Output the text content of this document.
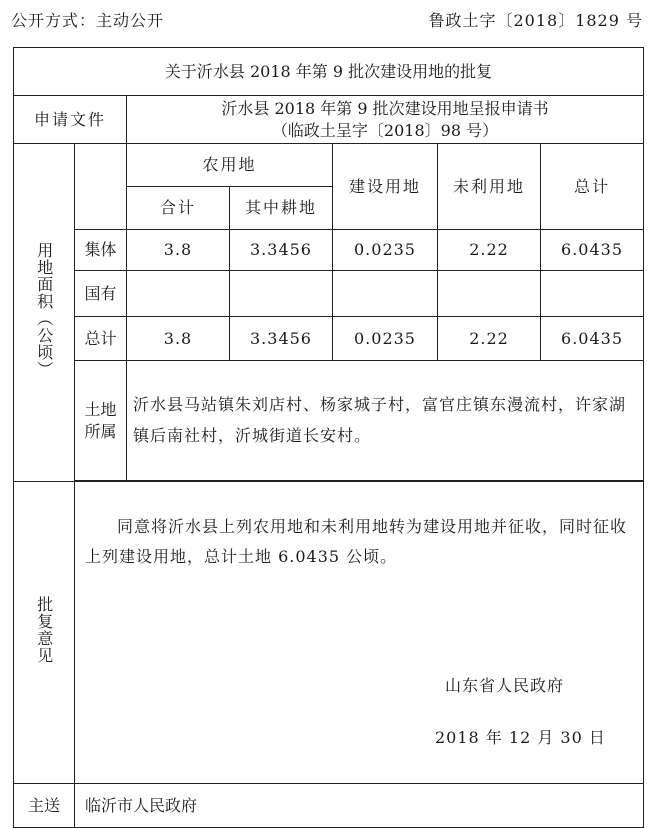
公开方式：主动公开	鲁政土字〔2018〕1829 号
关于沂水县 2018 年第 9 批次建设用地的批复						
申请文件		沂水县 2018 年第 9 批次建设用地呈报申请书
（临政土呈字〔2018〕98 号）				

用地面积（公顷）		农用地		建设用地	未利用地	总计
		合计	其中耕地			
	集体	3.8	3.3456	0.0235	2.22	6.0435
	国有					
	总计	3.8	3.3456	0.0235	2.22	6.0435

	土地
所属	沂水县马站镇朱刘店村、杨家城子村，富官庄镇东漫流村，许家湖镇后南社村，沂城街道长安村。				

批复意见	同意将沂水县上列农用地和未利用地转为建设用地并征收，同时征收上列建设用地，总计土地 6.0435 公顷。
山东省人民政府
2018 年 12 月 30 日					

主送	临沂市人民政府					
